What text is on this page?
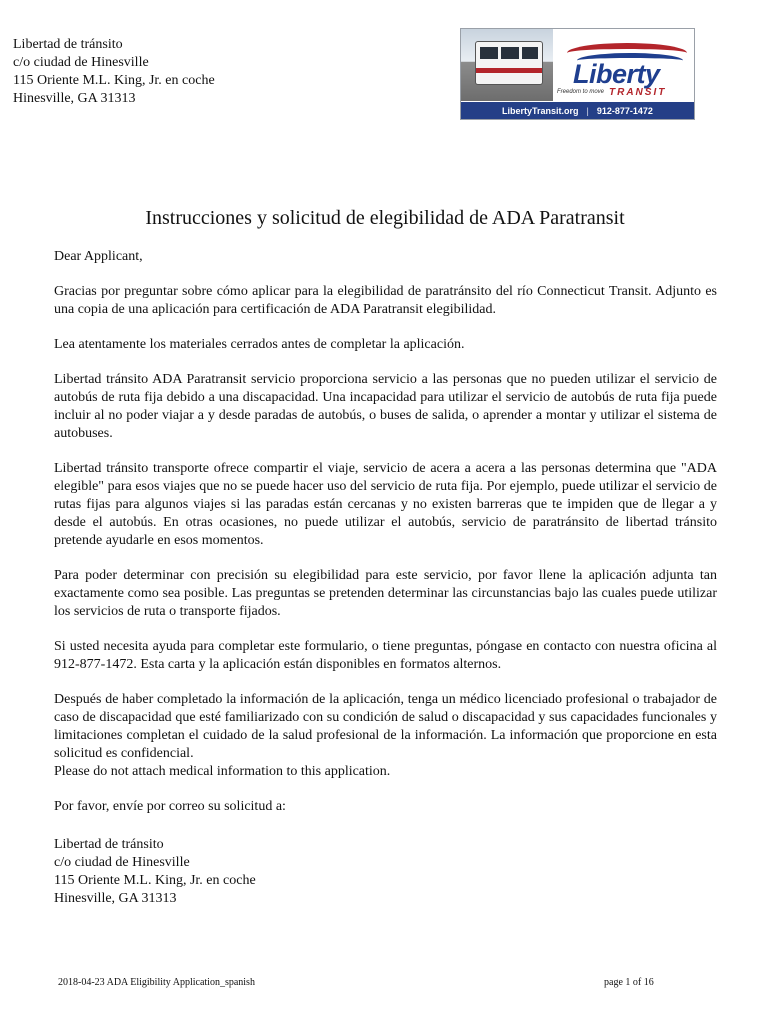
Libertad de tránsito
c/o ciudad de Hinesville
115 Oriente M.L. King, Jr. en coche
Hinesville, GA 31313
Liberty
Freedom to move TRANSIT
LibertyTransit.org | 912-877-1472
Instrucciones y solicitud de elegibilidad de ADA Paratransit

Dear Applicant,

Gracias por preguntar sobre cómo aplicar para la elegibilidad de paratránsito del río Connecticut Transit. Adjunto es una copia de una aplicación para certificación de ADA Paratransit elegibilidad.

Lea atentamente los materiales cerrados antes de completar la aplicación.

Libertad tránsito ADA Paratransit servicio proporciona servicio a las personas que no pueden utilizar el servicio de autobús de ruta fija debido a una discapacidad. Una incapacidad para utilizar el servicio de autobús de ruta fija puede incluir al no poder viajar a y desde paradas de autobús, o buses de salida, o aprender a montar y utilizar el sistema de autobuses.

Libertad tránsito transporte ofrece compartir el viaje, servicio de acera a acera a las personas determina que "ADA elegible" para esos viajes que no se puede hacer uso del servicio de ruta fija. Por ejemplo, puede utilizar el servicio de rutas fijas para algunos viajes si las paradas están cercanas y no existen barreras que te impiden que de llegar a y desde el autobús. En otras ocasiones, no puede utilizar el autobús, servicio de paratránsito de libertad tránsito pretende ayudarle en esos momentos.

Para poder determinar con precisión su elegibilidad para este servicio, por favor llene la aplicación adjunta tan exactamente como sea posible. Las preguntas se pretenden determinar las circunstancias bajo las cuales puede utilizar los servicios de ruta o transporte fijados.

Si usted necesita ayuda para completar este formulario, o tiene preguntas, póngase en contacto con nuestra oficina al 912-877-1472. Esta carta y la aplicación están disponibles en formatos alternos.

Después de haber completado la información de la aplicación, tenga un médico licenciado profesional o trabajador de caso de discapacidad que esté familiarizado con su condición de salud o discapacidad y sus capacidades funcionales y limitaciones completan el cuidado de la salud profesional de la información. La información que proporcione en esta solicitud es confidencial.

Please do not attach medical information to this application.

Por favor, envíe por correo su solicitud a:

Libertad de tránsito
c/o ciudad de Hinesville
115 Oriente M.L. King, Jr. en coche
Hinesville, GA 31313
2018-04-23 ADA Eligibility Application_spanish	page 1 of 16
